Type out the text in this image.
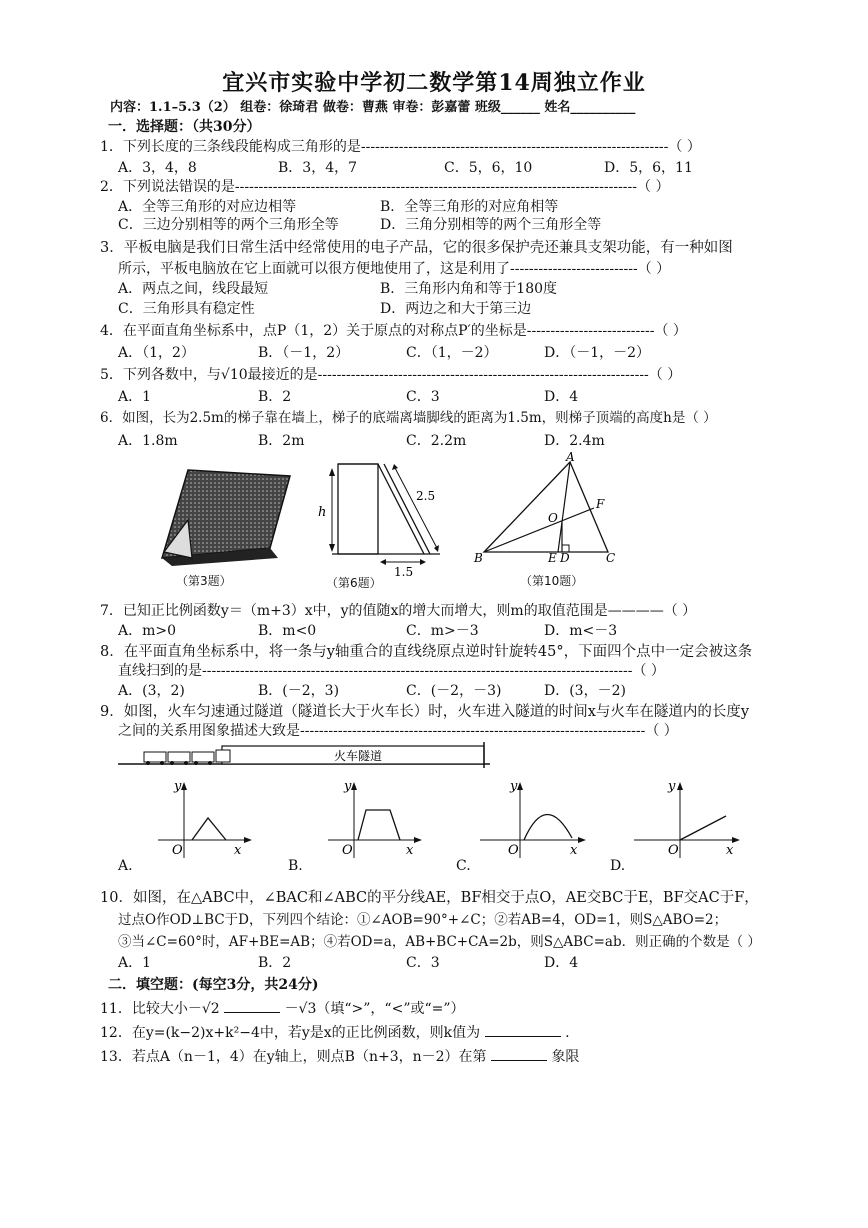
宜兴市实验中学初二数学第14周独立作业
内容：1.1–5.3（2） 组卷：徐琦君 做卷：曹燕 审卷：彭嘉蕾 班级______ 姓名__________
一．选择题：（共30分）
1．下列长度的三条线段能构成三角形的是-----------------------------------------------------------------（ ）
A．3，4，8	B．3，4，7	C．5，6，10	D．5，6，11
2．下列说法错误的是-------------------------------------------------------------------------------------（ ）
A．全等三角形的对应边相等	B．全等三角形的对应角相等
C．三边分别相等的两个三角形全等	D．三角分别相等的两个三角形全等
3．平板电脑是我们日常生活中经常使用的电子产品，它的很多保护壳还兼具支架功能，有一种如图
所示，平板电脑放在它上面就可以很方便地使用了，这是利用了---------------------------（ ）
A．两点之间，线段最短	B．三角形内角和等于180度
C．三角形具有稳定性	D．两边之和大于第三边
4．在平面直角坐标系中，点P（1，2）关于原点的对称点P′的坐标是---------------------------（ ）
A．（1，2）	B．（－1，2）	C．（1，－2）	D．（－1，－2）
5．下列各数中，与√10最接近的是----------------------------------------------------------------------（ ）
A．1	B．2	C．3	D．4
6．如图，长为2.5m的梯子靠在墙上，梯子的底端离墙脚线的距离为1.5m，则梯子顶端的高度h是（ ）
A．1.8m	B．2m	C．2.2m	D．2.4m
（第3题）
h
2.5
1.5
（第6题）
A
B	C
E D
F
O
（第10题）
7．已知正比例函数y＝（m+3）x中，y的值随x的增大而增大，则m的取值范围是————（ ）
A．m>0	B．m<0	C．m>－3	D．m<－3
8．在平面直角坐标系中，将一条与y轴重合的直线绕原点逆时针旋转45°，下面四个点中一定会被这条
直线扫到的是-------------------------------------------------------------------------------------------（ ）
A．(3，2)	B．(－2，3)	C．(－2，－3)	D．(3，－2)
9．如图，火车匀速通过隧道（隧道长大于火车长）时，火车进入隧道的时间x与火车在隧道内的长度y
之间的关系用图象描述大致是-------------------------------------------------------------------------（ ）
火车隧道
y
x
O
A.
y
x
O
B.
y
x
O
C.
y
x
O
D.
10．如图，在△ABC中，∠BAC和∠ABC的平分线AE，BF相交于点O，AE交BC于E，BF交AC于F，
过点O作OD⊥BC于D，下列四个结论：①∠AOB=90°+∠C；②若AB=4，OD=1，则S△ABO=2；
③当∠C=60°时，AF+BE=AB；④若OD=a，AB+BC+CA=2b，则S△ABC=ab．则正确的个数是（ ）
A．1	B．2	C．3	D．4
二．填空题：(每空3分，共24分)
11．比较大小－√2	－√3（填“>”，“<”或“=”）
12．在y=(k−2)x+k²−4中，若y是x的正比例函数，则k值为	.
13．若点A（n－1，4）在y轴上，则点B（n+3，n－2）在第	象限
